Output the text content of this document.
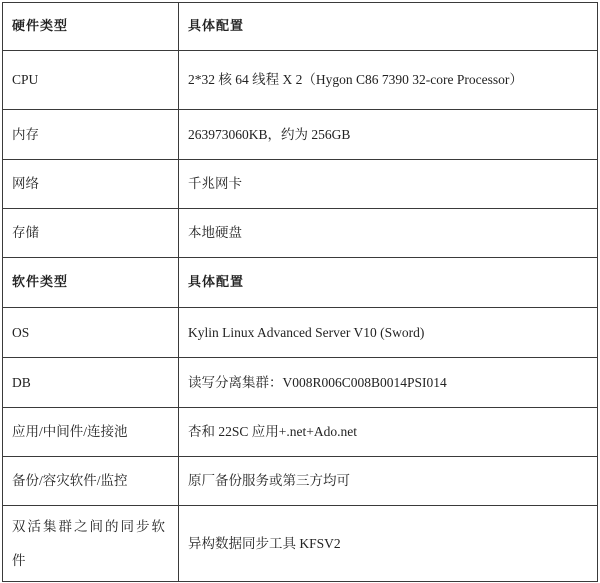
硬件类型	具体配置
CPU	2*32 核 64 线程 X 2（Hygon C86 7390 32-core Processor）
内存	263973060KB，约为 256GB
网络	千兆网卡
存储	本地硬盘
软件类型	具体配置
OS	Kylin Linux Advanced Server V10 (Sword)
DB	读写分离集群：V008R006C008B0014PSI014
应用/中间件/连接池	杏和 22SC 应用+.net+Ado.net
备份/容灾软件/监控	原厂备份服务或第三方均可
双活集群之间的同步软件	异构数据同步工具 KFSV2
